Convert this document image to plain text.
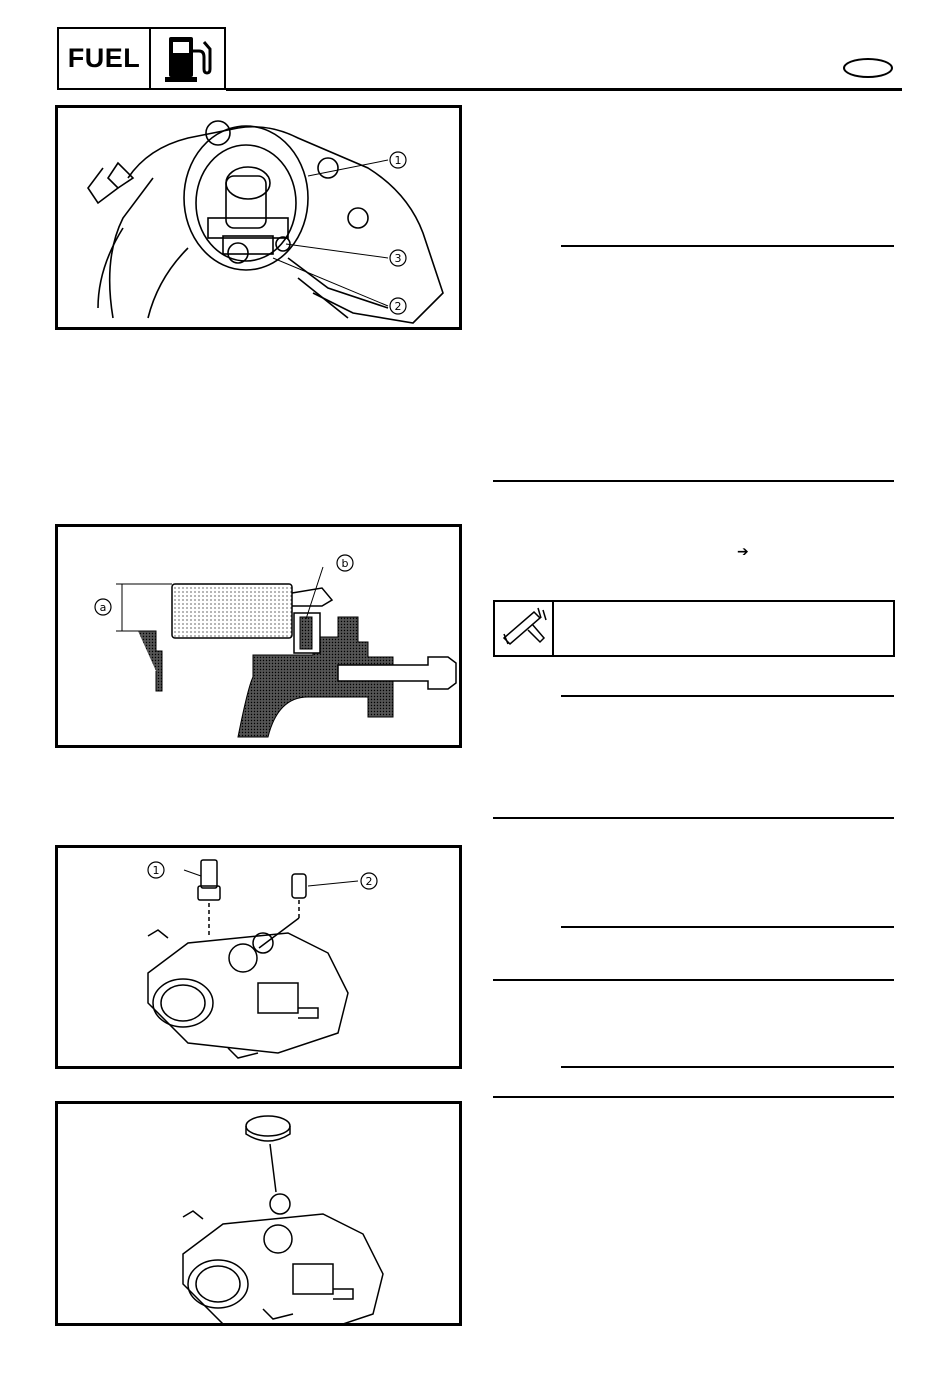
FUEL
1
3
2
a
b
1
2
➔
